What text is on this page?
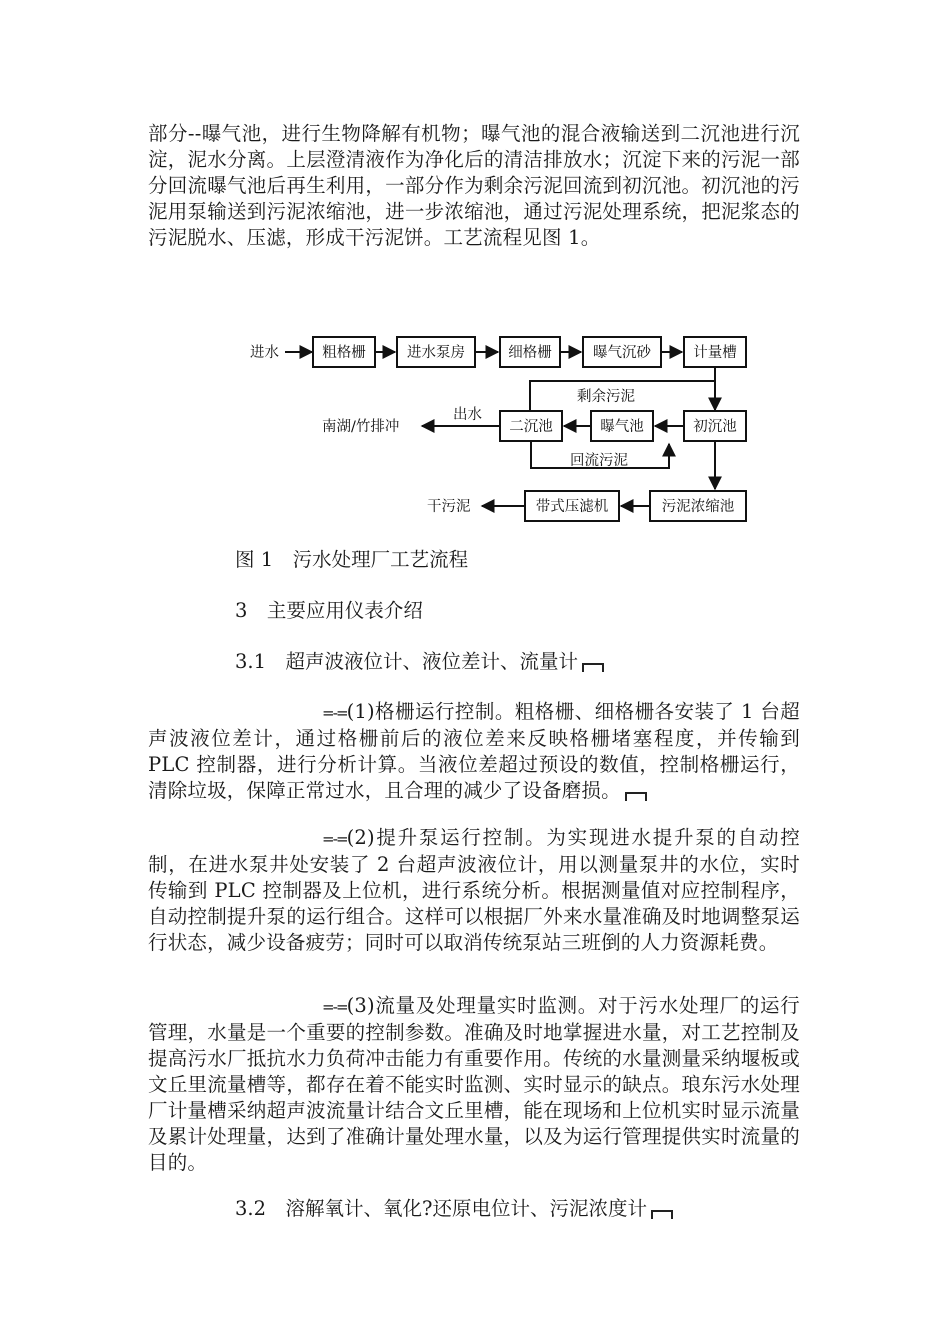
部分--曝气池，进行生物降解有机物；曝气池的混合液输送到二沉池进行沉淀，泥水分离。上层澄清液作为净化后的清洁排放水；沉淀下来的污泥一部分回流曝气池后再生利用，一部分作为剩余污泥回流到初沉池。初沉池的污泥用泵输送到污泥浓缩池，进一步浓缩池，通过污泥处理系统，把泥浆态的污泥脱水、压滤，形成干污泥饼。工艺流程见图 1。

进水	粗格栅	进水泵房	细格栅	曝气沉砂	计量槽
剩余污泥
二沉池	曝气池	初沉池
出水
南湖/竹排冲
回流污泥
污泥浓缩池
带式压滤机
干污泥

图 1　污水处理厂工艺流程

3　主要应用仪表介绍

3.1　超声波液位计、液位差计、流量计

=-=(1)格栅运行控制。粗格栅、细格栅各安装了 1 台超声波液位差计，通过格栅前后的液位差来反映格栅堵塞程度，并传输到 PLC 控制器，进行分析计算。当液位差超过预设的数值，控制格栅运行，清除垃圾，保障正常过水，且合理的减少了设备磨损。

=-=(2)提升泵运行控制。为实现进水提升泵的自动控制，在进水泵井处安装了 2 台超声波液位计，用以测量泵井的水位，实时传输到 PLC 控制器及上位机，进行系统分析。根据测量值对应控制程序，自动控制提升泵的运行组合。这样可以根据厂外来水量准确及时地调整泵运行状态，减少设备疲劳；同时可以取消传统泵站三班倒的人力资源耗费。

=-=(3)流量及处理量实时监测。对于污水处理厂的运行管理，水量是一个重要的控制参数。准确及时地掌握进水量，对工艺控制及提高污水厂抵抗水力负荷冲击能力有重要作用。传统的水量测量采纳堰板或文丘里流量槽等，都存在着不能实时监测、实时显示的缺点。琅东污水处理厂计量槽采纳超声波流量计结合文丘里槽，能在现场和上位机实时显示流量及累计处理量，达到了准确计量处理水量，以及为运行管理提供实时流量的目的。

3.2　溶解氧计、氧化?还原电位计、污泥浓度计
